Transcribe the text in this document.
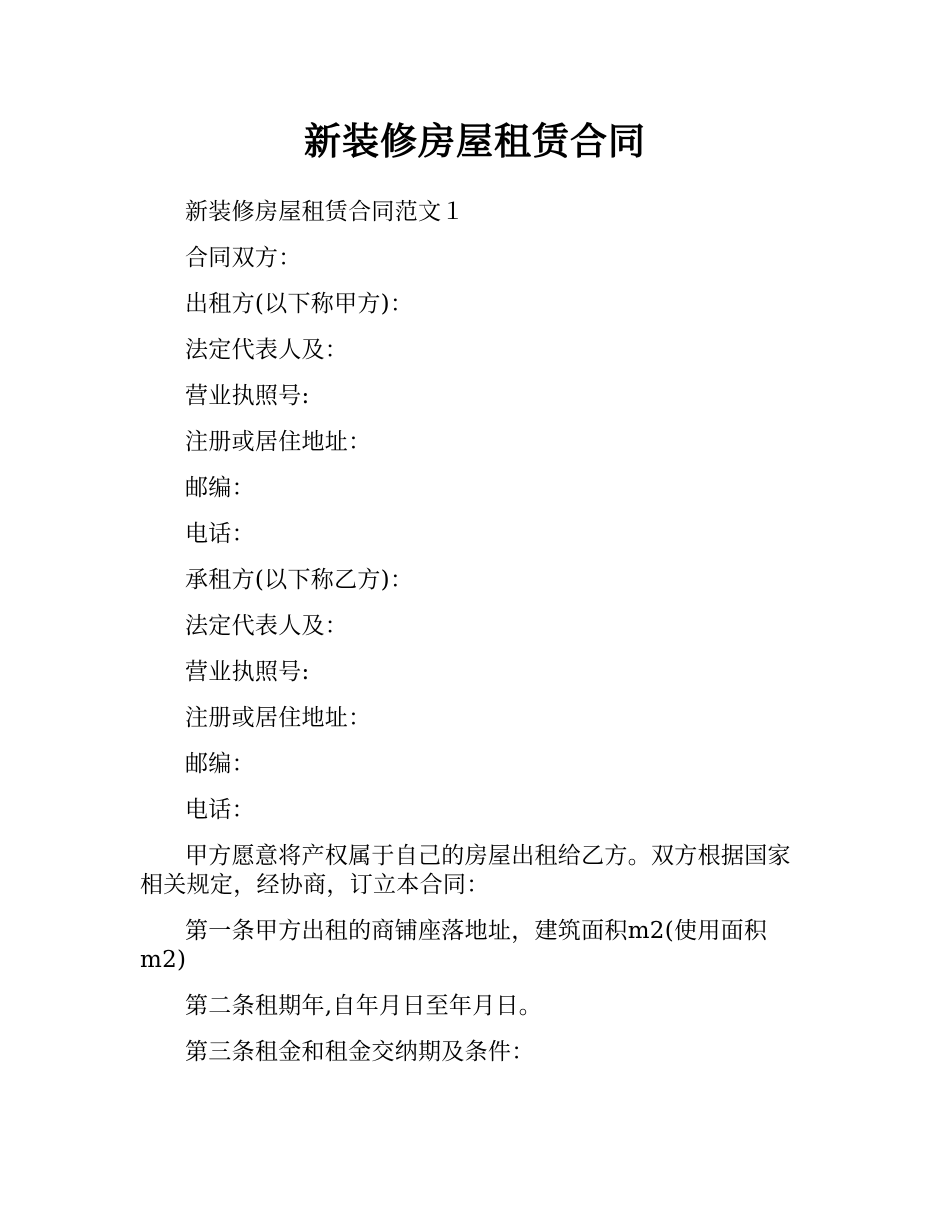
新装修房屋租赁合同

新装修房屋租赁合同范文１

合同双方：

出租方(以下称甲方)：

法定代表人及：

营业执照号:

注册或居住地址：

邮编：

电话：

承租方(以下称乙方)：

法定代表人及：

营业执照号:

注册或居住地址：

邮编：

电话：

甲方愿意将产权属于自己的房屋出租给乙方。双方根据国家相关规定，经协商，订立本合同：

第一条甲方出租的商铺座落地址，建筑面积m2(使用面积m2)

第二条租期年,自年月日至年月日。

第三条租金和租金交纳期及条件：
